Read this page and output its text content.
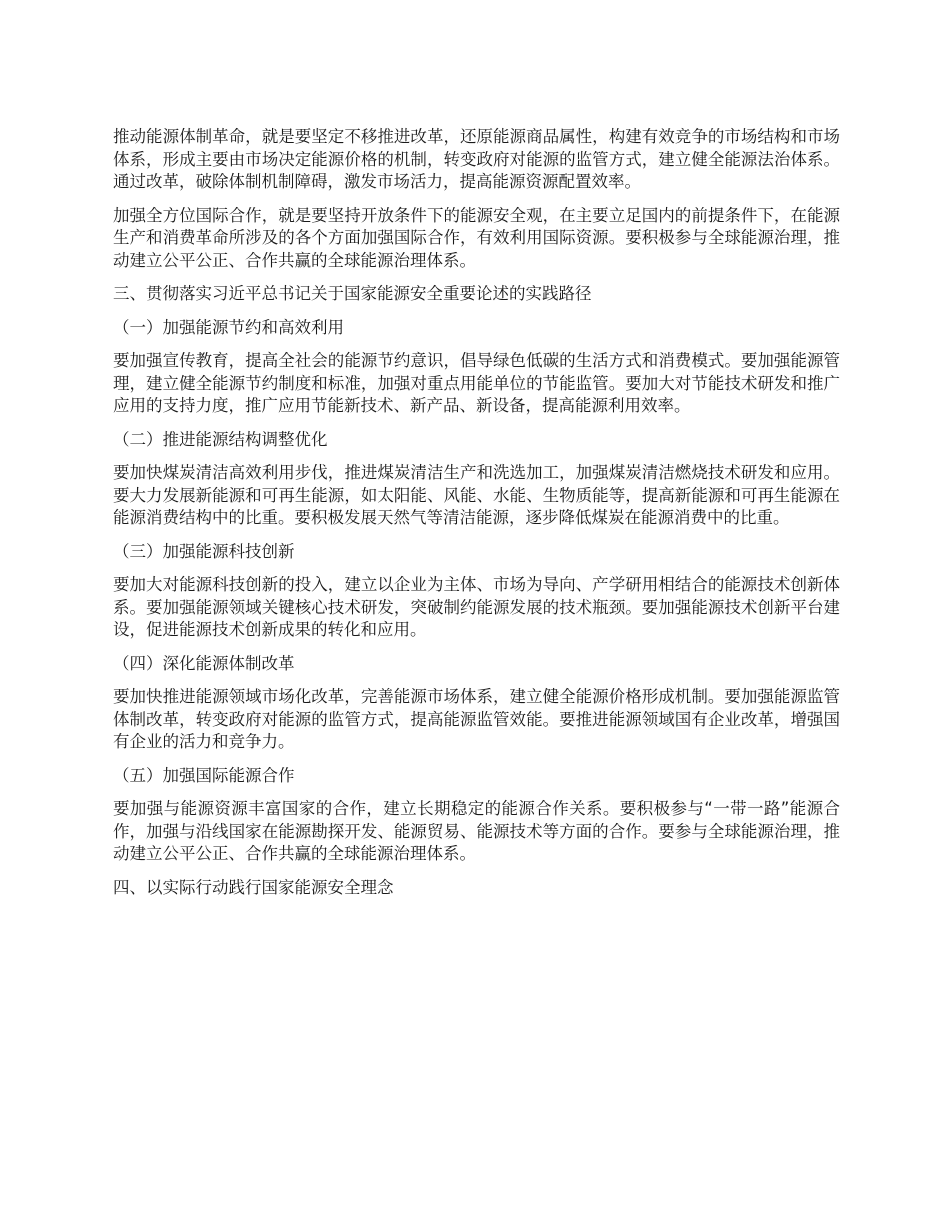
推动能源体制革命，就是要坚定不移推进改革，还原能源商品属性，构建有效竞争的市场结构和市场体系，形成主要由市场决定能源价格的机制，转变政府对能源的监管方式，建立健全能源法治体系。通过改革，破除体制机制障碍，激发市场活力，提高能源资源配置效率。

加强全方位国际合作，就是要坚持开放条件下的能源安全观，在主要立足国内的前提条件下，在能源生产和消费革命所涉及的各个方面加强国际合作，有效利用国际资源。要积极参与全球能源治理，推动建立公平公正、合作共赢的全球能源治理体系。

三、贯彻落实习近平总书记关于国家能源安全重要论述的实践路径

（一）加强能源节约和高效利用

要加强宣传教育，提高全社会的能源节约意识，倡导绿色低碳的生活方式和消费模式。要加强能源管理，建立健全能源节约制度和标准，加强对重点用能单位的节能监管。要加大对节能技术研发和推广应用的支持力度，推广应用节能新技术、新产品、新设备，提高能源利用效率。

（二）推进能源结构调整优化

要加快煤炭清洁高效利用步伐，推进煤炭清洁生产和洗选加工，加强煤炭清洁燃烧技术研发和应用。要大力发展新能源和可再生能源，如太阳能、风能、水能、生物质能等，提高新能源和可再生能源在能源消费结构中的比重。要积极发展天然气等清洁能源，逐步降低煤炭在能源消费中的比重。

（三）加强能源科技创新

要加大对能源科技创新的投入，建立以企业为主体、市场为导向、产学研用相结合的能源技术创新体系。要加强能源领域关键核心技术研发，突破制约能源发展的技术瓶颈。要加强能源技术创新平台建设，促进能源技术创新成果的转化和应用。

（四）深化能源体制改革

要加快推进能源领域市场化改革，完善能源市场体系，建立健全能源价格形成机制。要加强能源监管体制改革，转变政府对能源的监管方式，提高能源监管效能。要推进能源领域国有企业改革，增强国有企业的活力和竞争力。

（五）加强国际能源合作

要加强与能源资源丰富国家的合作，建立长期稳定的能源合作关系。要积极参与“一带一路”能源合作，加强与沿线国家在能源勘探开发、能源贸易、能源技术等方面的合作。要参与全球能源治理，推动建立公平公正、合作共赢的全球能源治理体系。

四、以实际行动践行国家能源安全理念
